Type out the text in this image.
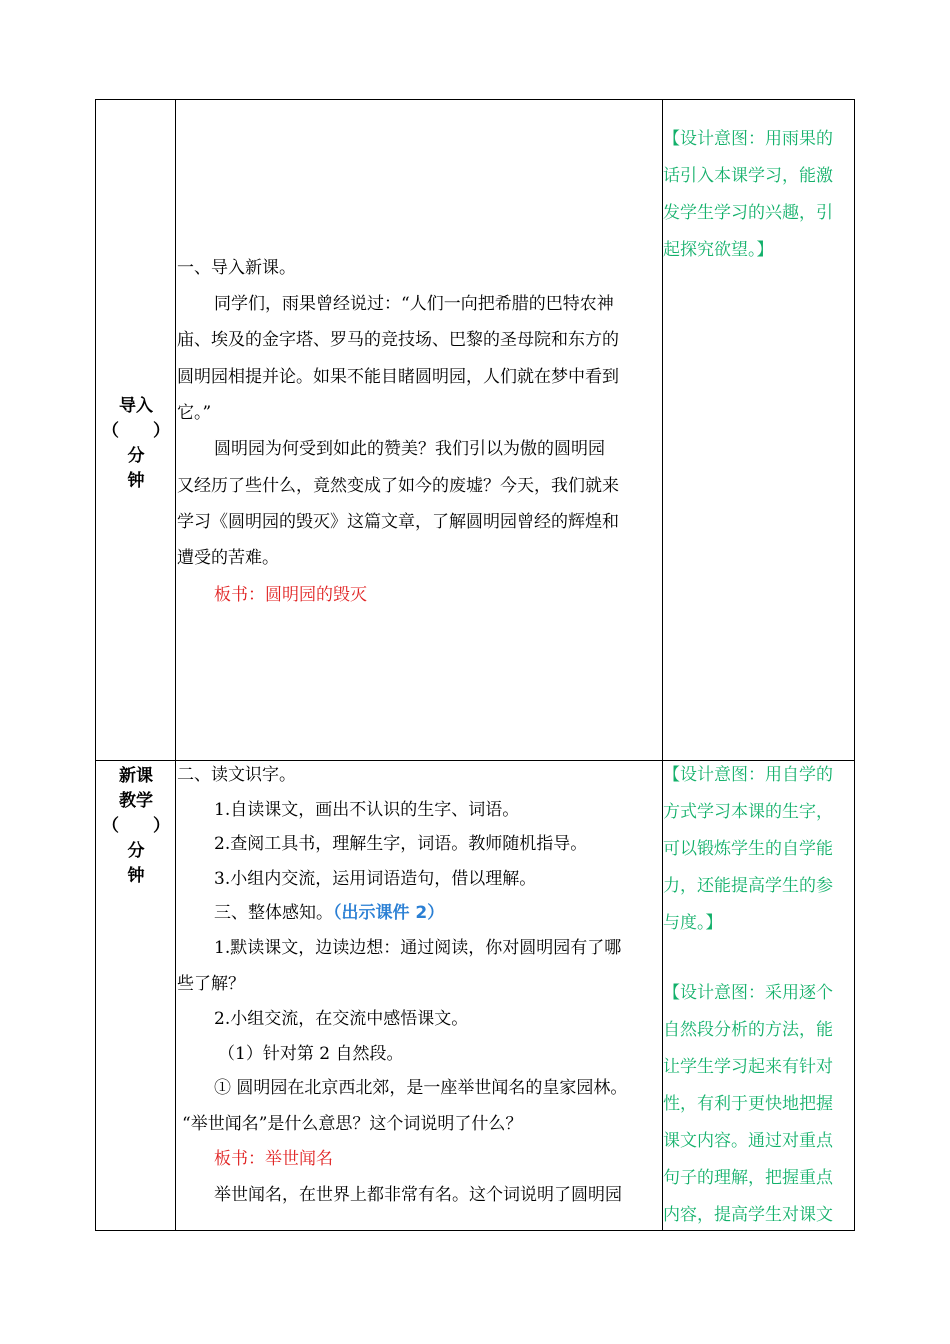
导入
（　　）分
钟
一、导入新课。
同学们，雨果曾经说过：“人们一向把希腊的巴特农神
庙、埃及的金字塔、罗马的竞技场、巴黎的圣母院和东方的
圆明园相提并论。如果不能目睹圆明园，人们就在梦中看到
它。”
圆明园为何受到如此的赞美？我们引以为傲的圆明园
又经历了些什么，竟然变成了如今的废墟？今天，我们就来
学习《圆明园的毁灭》这篇文章，了解圆明园曾经的辉煌和
遭受的苦难。
板书：圆明园的毁灭
【设计意图：用雨果的
话引入本课学习，能激
发学生学习的兴趣，引
起探究欲望。】
新课
教学
（　　）分
钟
二、读文识字。
1.自读课文，画出不认识的生字、词语。
2.查阅工具书，理解生字，词语。教师随机指导。
3.小组内交流，运用词语造句，借以理解。
三、整体感知。（出示课件 2）
1.默读课文，边读边想：通过阅读，你对圆明园有了哪
些了解？
2.小组交流，在交流中感悟课文。
（1）针对第 2 自然段。
① 圆明园在北京西北郊，是一座举世闻名的皇家园林。
“举世闻名”是什么意思？这个词说明了什么？
板书：举世闻名
举世闻名，在世界上都非常有名。这个词说明了圆明园
【设计意图：用自学的
方式学习本课的生字，
可以锻炼学生的自学能
力，还能提高学生的参
与度。】
【设计意图：采用逐个
自然段分析的方法，能
让学生学习起来有针对
性，有利于更快地把握
课文内容。通过对重点
句子的理解，把握重点
内容，提高学生对课文
